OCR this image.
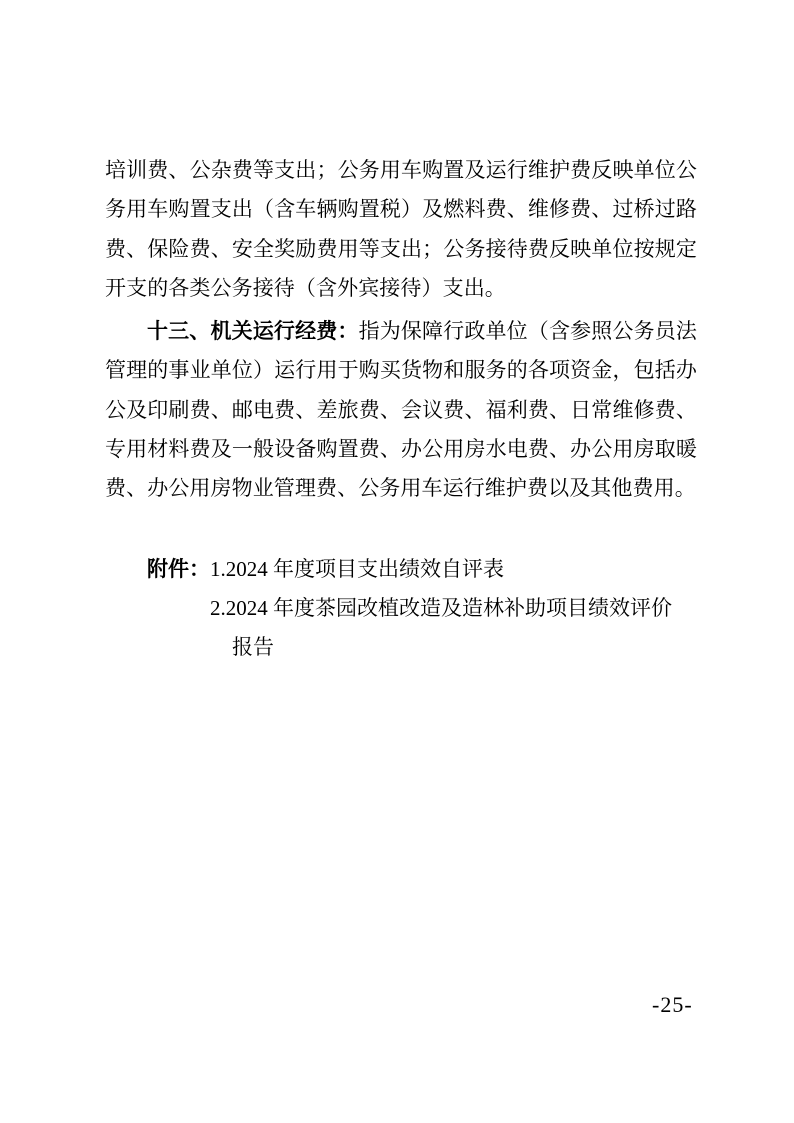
培训费、公杂费等支出；公务用车购置及运行维护费反映单位公务用车购置支出（含车辆购置税）及燃料费、维修费、过桥过路费、保险费、安全奖励费用等支出；公务接待费反映单位按规定开支的各类公务接待（含外宾接待）支出。

十三、机关运行经费：指为保障行政单位（含参照公务员法管理的事业单位）运行用于购买货物和服务的各项资金，包括办公及印刷费、邮电费、差旅费、会议费、福利费、日常维修费、专用材料费及一般设备购置费、办公用房水电费、办公用房取暖费、办公用房物业管理费、公务用车运行维护费以及其他费用。

附件： 1.2024 年度项目支出绩效自评表
2.2024 年度茶园改植改造及造林补助项目绩效评价
报告
-25-
